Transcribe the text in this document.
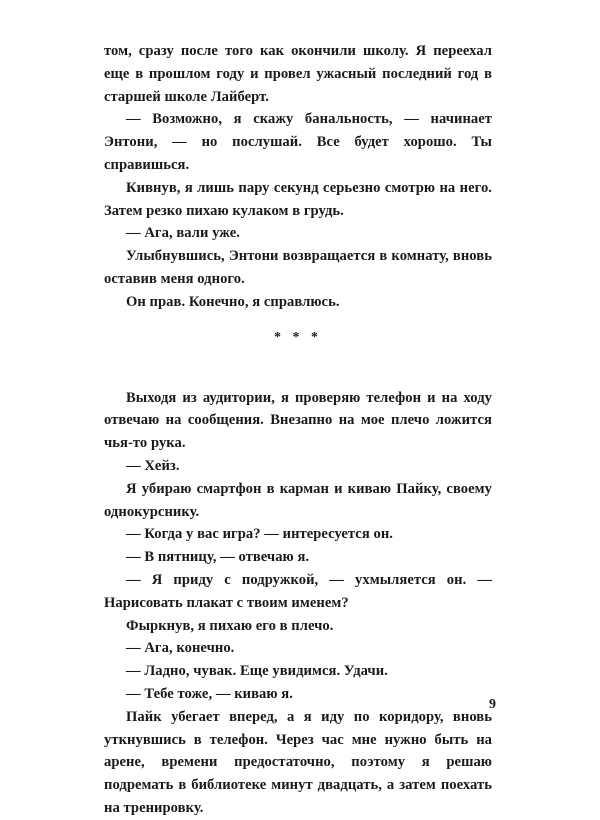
том, сразу после того как окончили школу. Я переехал еще в прошлом году и провел ужасный последний год в старшей школе Лайберт.

— Возможно, я скажу банальность, — начинает Энтони, — но послушай. Все будет хорошо. Ты справишься.

Кивнув, я лишь пару секунд серьезно смотрю на него. Затем резко пихаю кулаком в грудь.

— Ага, вали уже.

Улыбнувшись, Энтони возвращается в комнату, вновь оставив меня одного.

Он прав. Конечно, я справлюсь.

* * *

Выходя из аудитории, я проверяю телефон и на ходу отвечаю на сообщения. Внезапно на мое плечо ложится чья-то рука.

— Хейз.

Я убираю смартфон в карман и киваю Пайку, своему однокурснику.

— Когда у вас игра? — интересуется он.

— В пятницу, — отвечаю я.

— Я приду с подружкой, — ухмыляется он. — Нарисовать плакат с твоим именем?

Фыркнув, я пихаю его в плечо.

— Ага, конечно.

— Ладно, чувак. Еще увидимся. Удачи.

— Тебе тоже, — киваю я.

Пайк убегает вперед, а я иду по коридору, вновь уткнувшись в телефон. Через час мне нужно быть на арене, времени предостаточно, поэтому я решаю подремать в библиотеке минут двадцать, а затем поехать на тренировку.

9
